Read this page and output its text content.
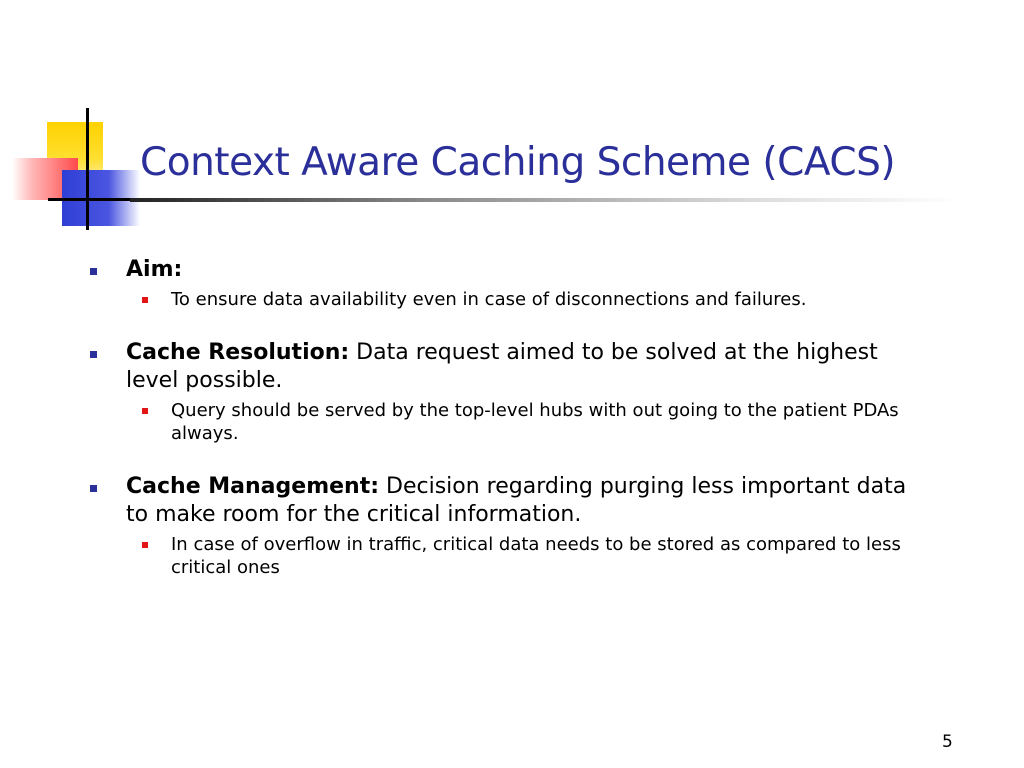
Context Aware Caching Scheme (CACS)
Aim:
To ensure data availability even in case of disconnections and failures.
Cache Resolution: Data request aimed to be solved at the highest level possible.
Query should be served by the top-level hubs with out going to the patient PDAs always.
Cache Management: Decision regarding purging less important data to make room for the critical information.
In case of overflow in traffic, critical data needs to be stored as compared to less critical ones
5
